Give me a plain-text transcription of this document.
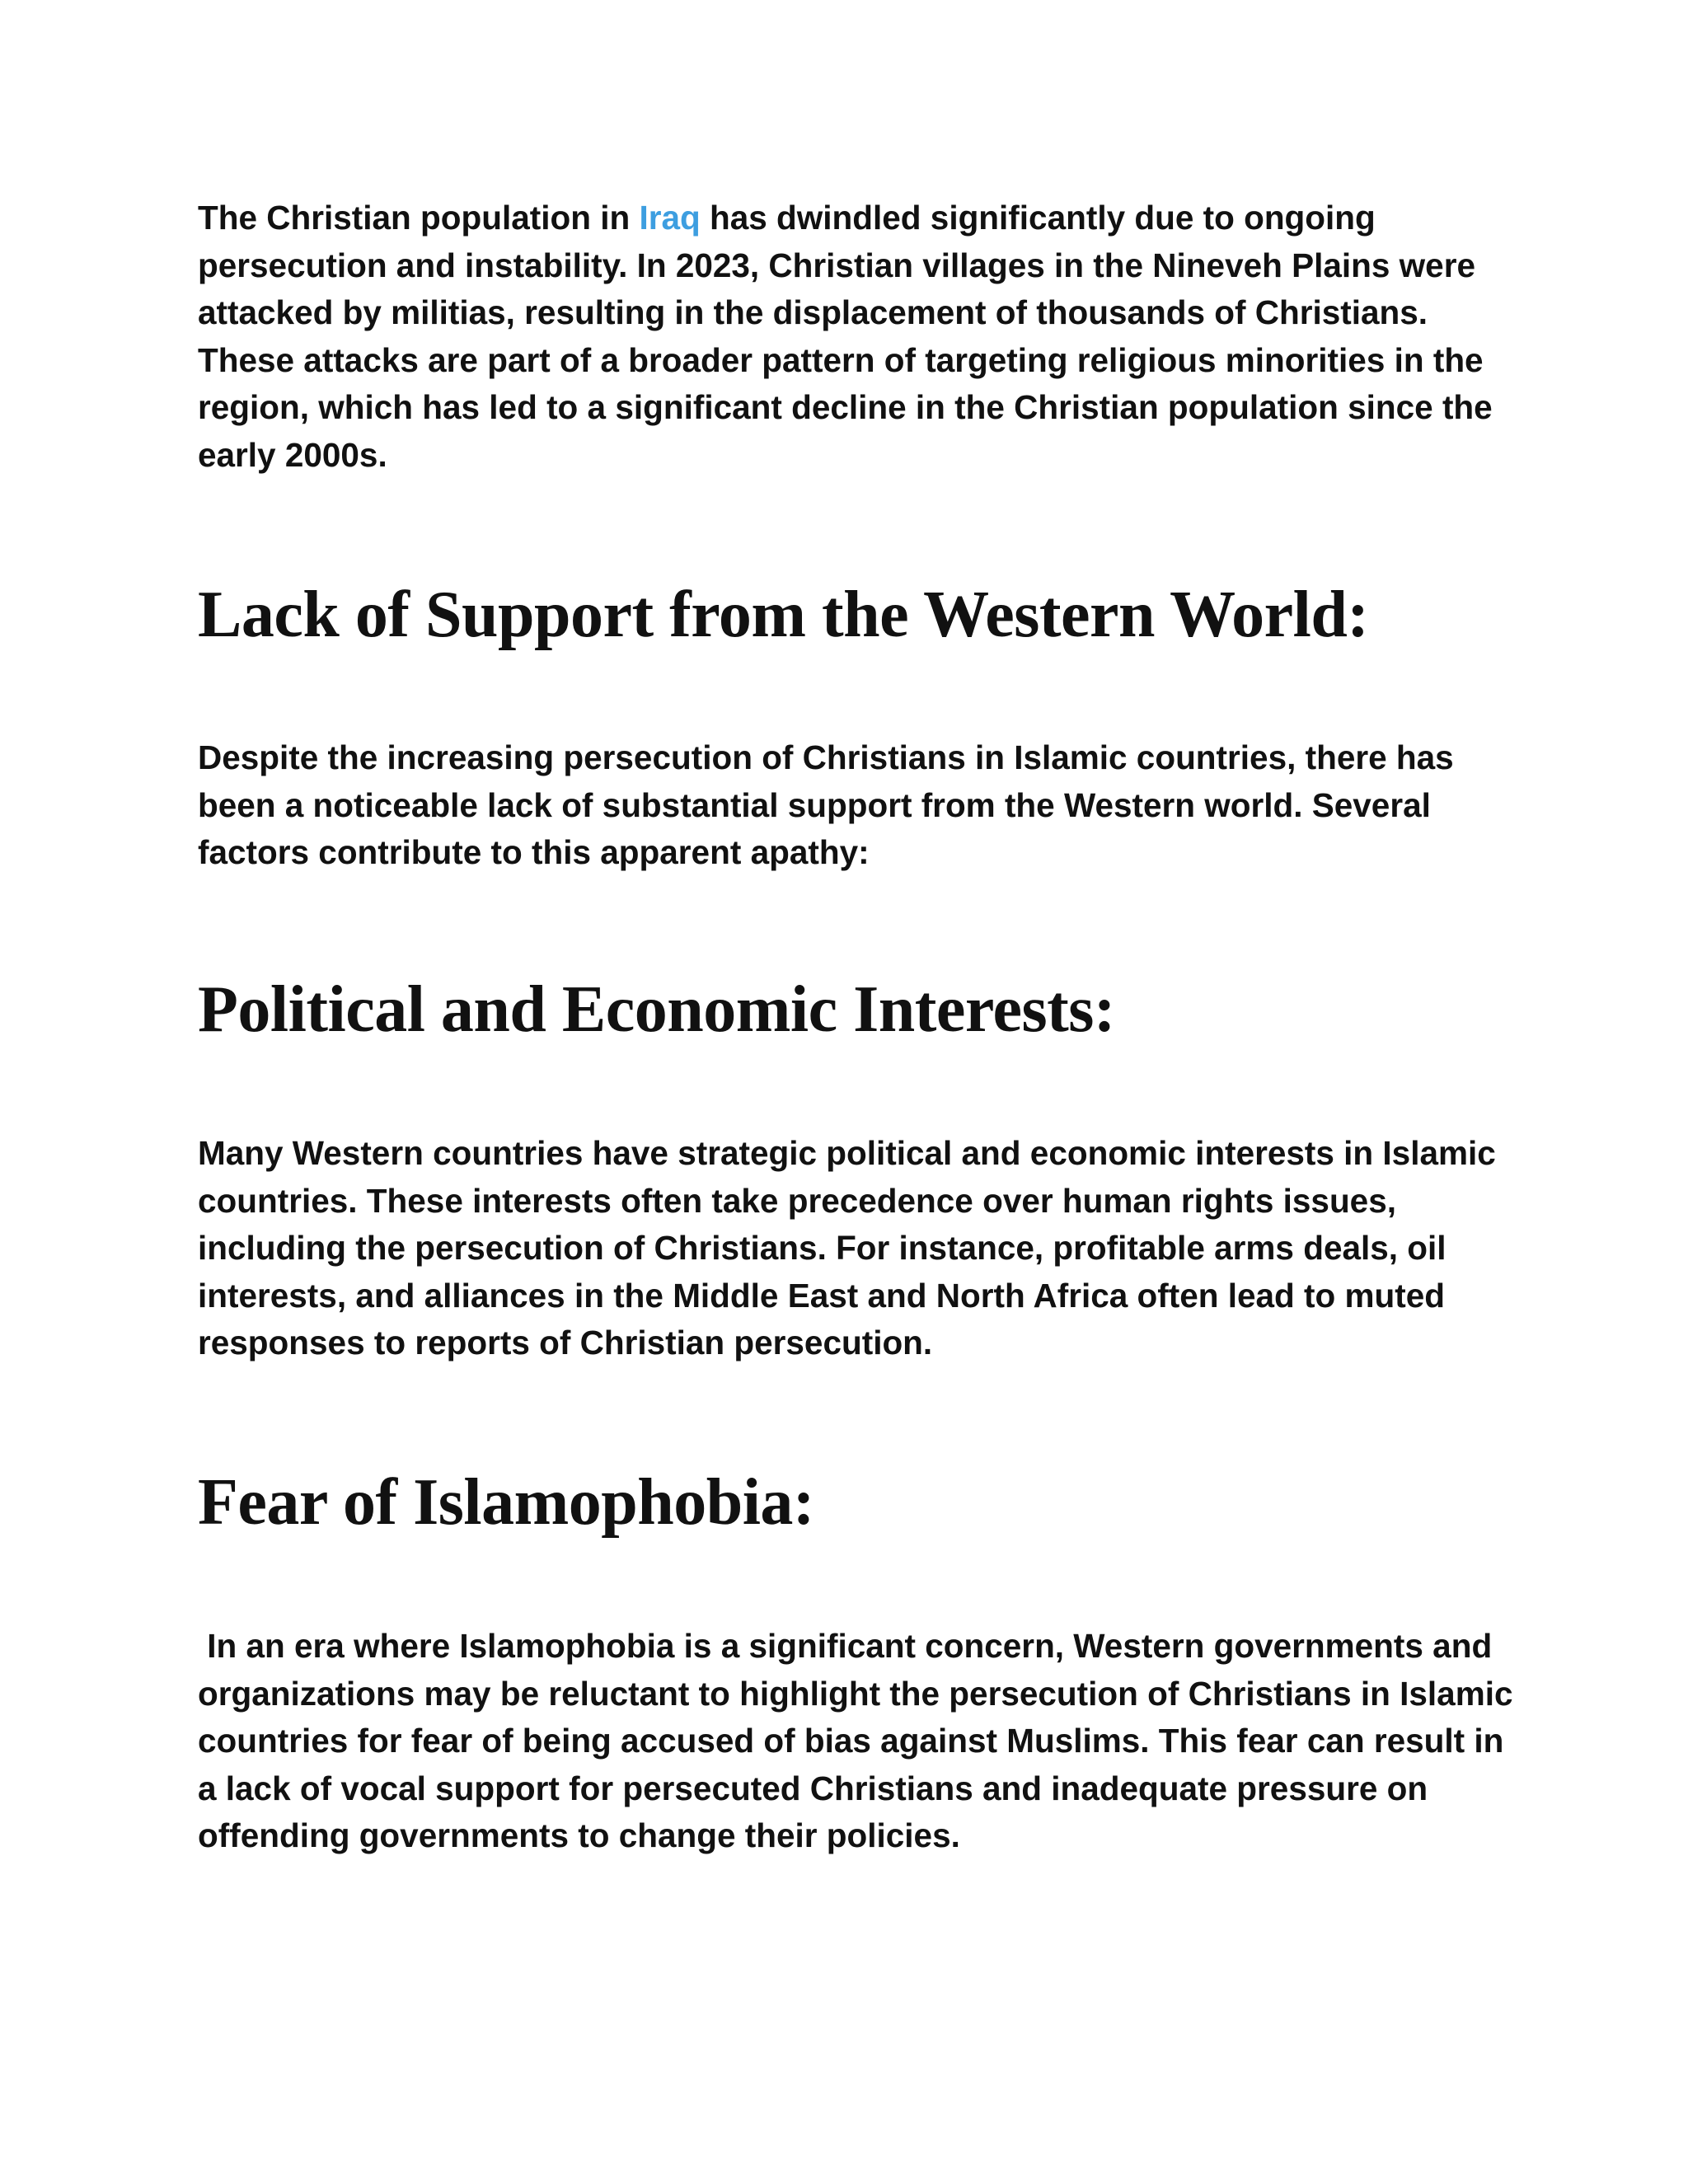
The Christian population in Iraq has dwindled significantly due to ongoing persecution and instability. In 2023, Christian villages in the Nineveh Plains were attacked by militias, resulting in the displacement of thousands of Christians. These attacks are part of a broader pattern of targeting religious minorities in the region, which has led to a significant decline in the Christian population since the early 2000s.

Lack of Support from the Western World:

Despite the increasing persecution of Christians in Islamic countries, there has been a noticeable lack of substantial support from the Western world. Several factors contribute to this apparent apathy:

Political and Economic Interests:

Many Western countries have strategic political and economic interests in Islamic countries. These interests often take precedence over human rights issues, including the persecution of Christians. For instance, profitable arms deals, oil interests, and alliances in the Middle East and North Africa often lead to muted responses to reports of Christian persecution.

Fear of Islamophobia:

In an era where Islamophobia is a significant concern, Western governments and organizations may be reluctant to highlight the persecution of Christians in Islamic countries for fear of being accused of bias against Muslims. This fear can result in a lack of vocal support for persecuted Christians and inadequate pressure on offending governments to change their policies.
